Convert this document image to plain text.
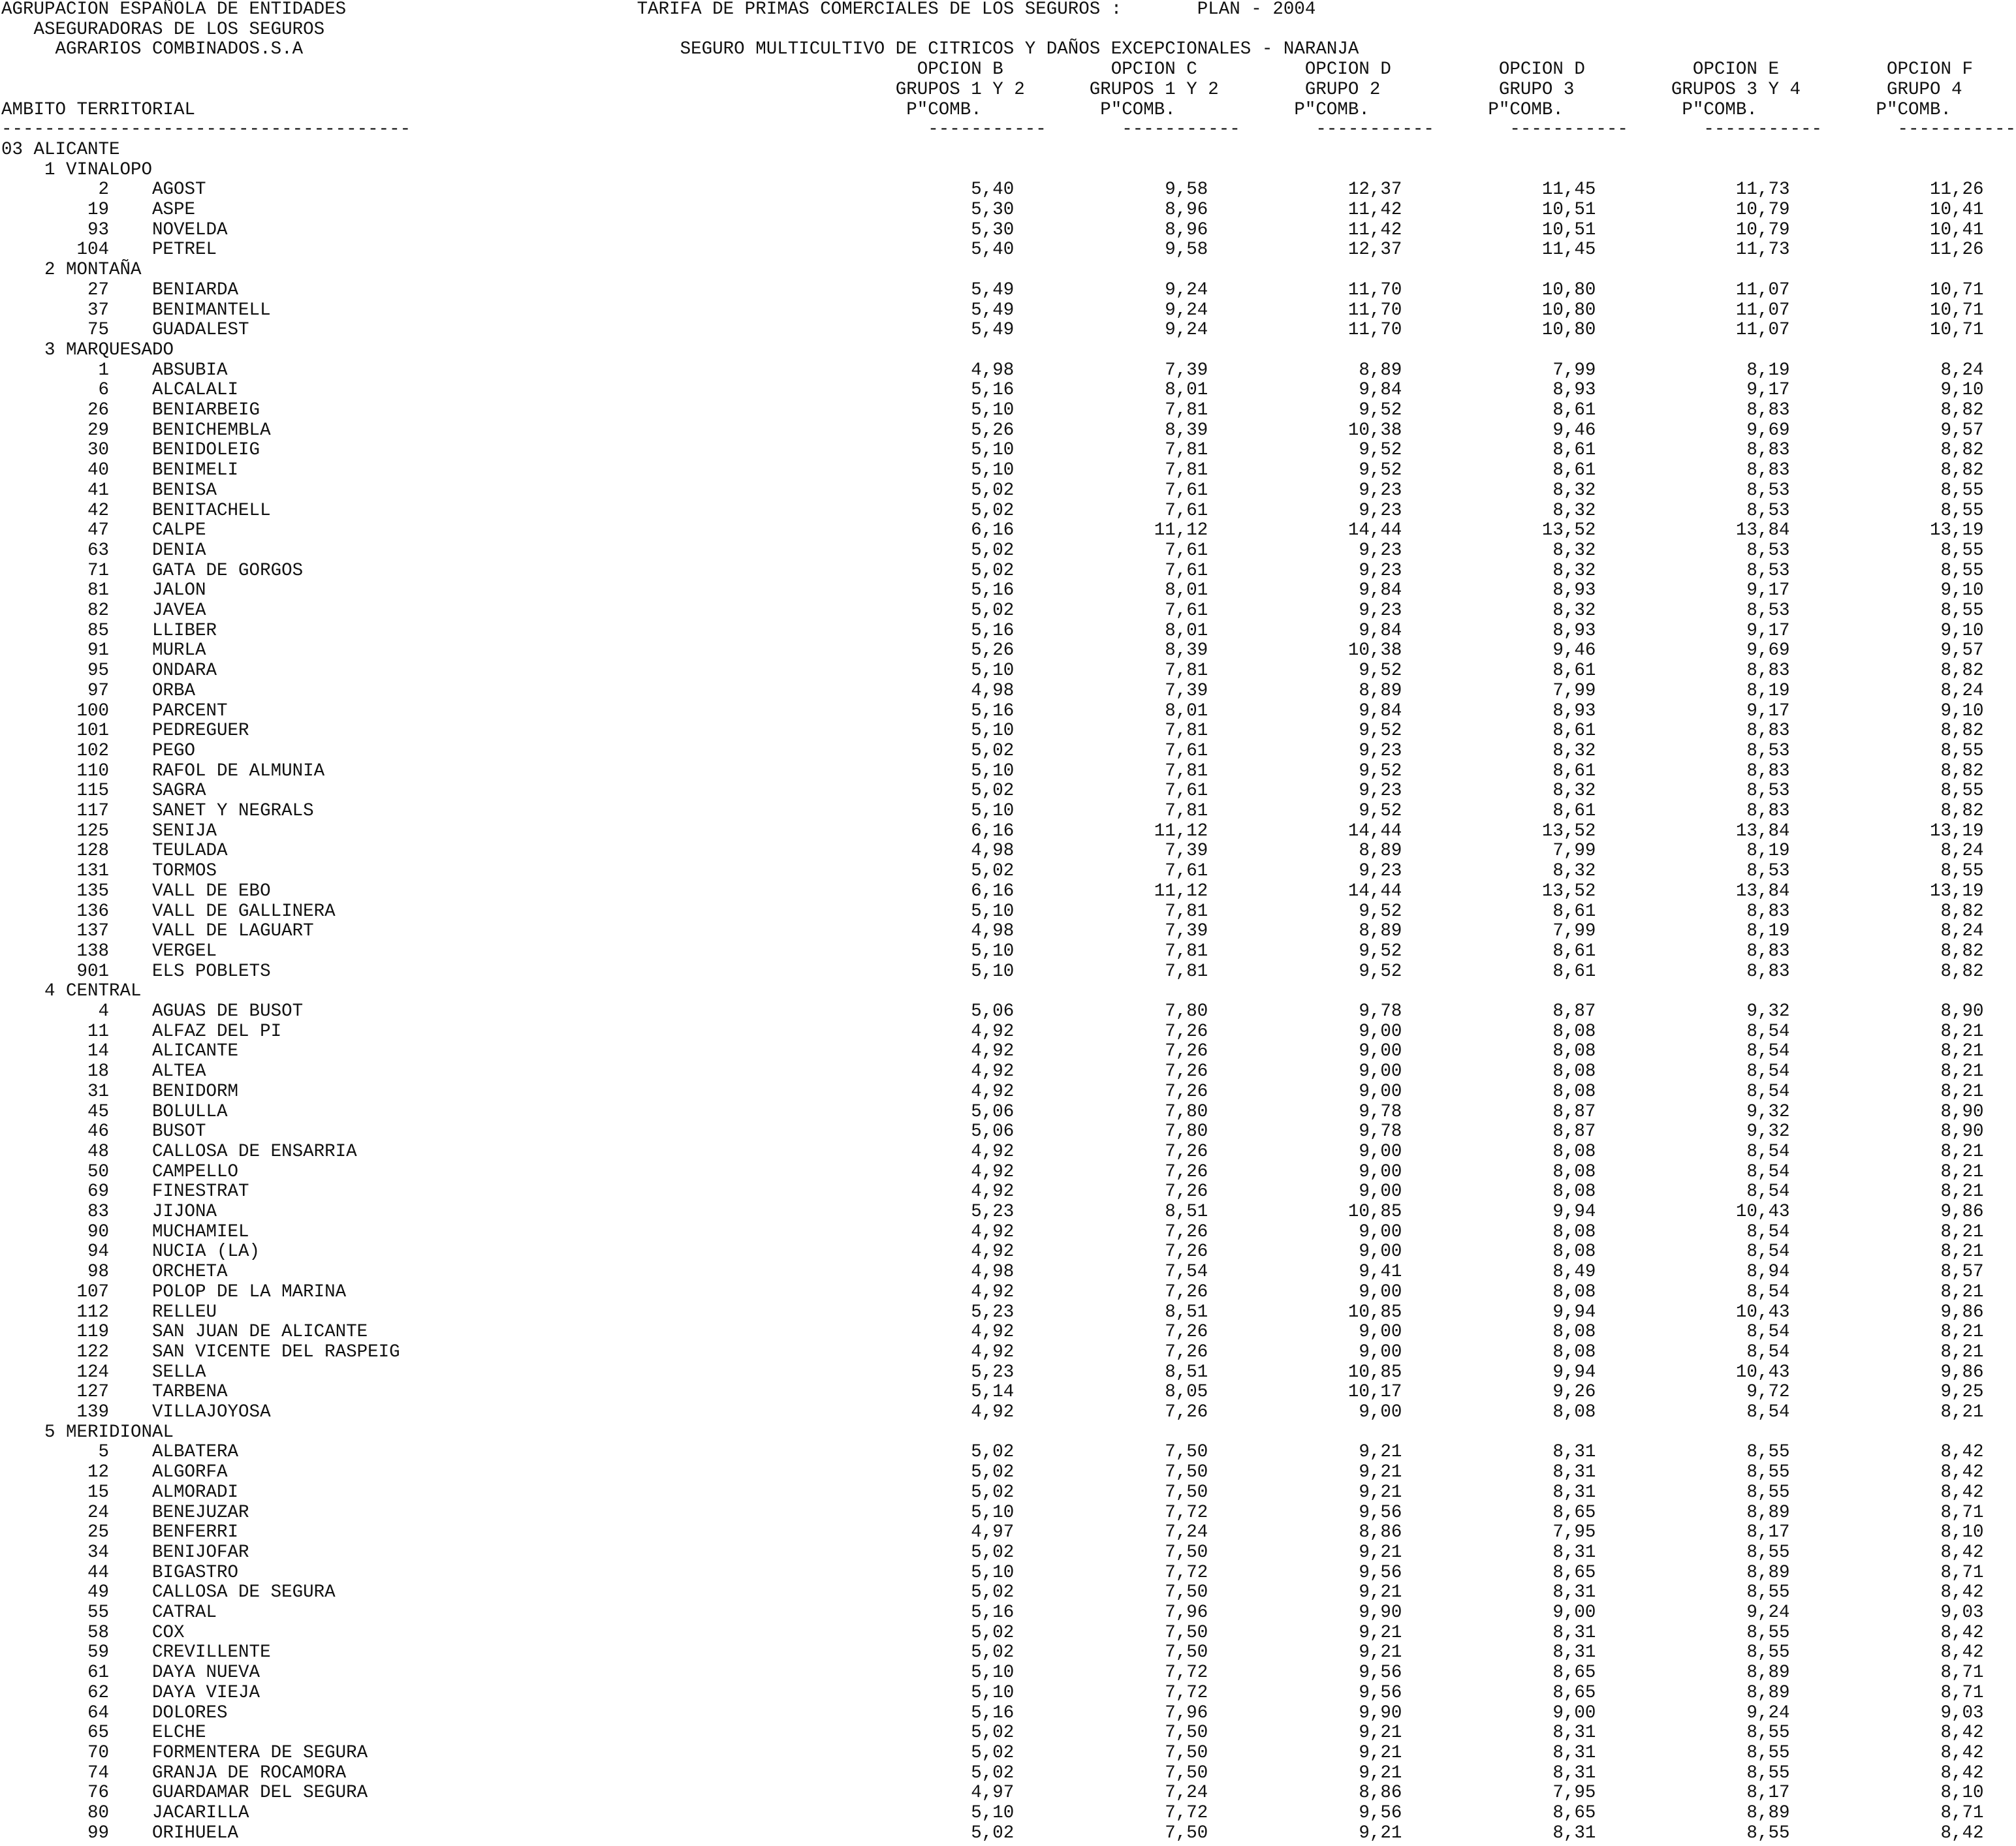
AGRUPACION ESPAÑOLA DE ENTIDADES                           TARIFA DE PRIMAS COMERCIALES DE LOS SEGUROS :       PLAN - 2004
ASEGURADORAS DE LOS SEGUROS
AGRARIOS COMBINADOS.S.A                                   SEGURO MULTICULTIVO DE CITRICOS Y DAÑOS EXCEPCIONALES - NARANJA
OPCION B          OPCION C          OPCION D          OPCION D          OPCION E          OPCION F
GRUPOS 1 Y 2      GRUPOS 1 Y 2        GRUPO 2           GRUPO 3         GRUPOS 3 Y 4        GRUPO 4
AMBITO TERRITORIAL                                                                  P"COMB.           P"COMB.           P"COMB.           P"COMB.           P"COMB.           P"COMB.
--------------------------------------                                                -----------       -----------       -----------       -----------       -----------       -----------
03 ALICANTE
1 VINALOPO
2    AGOST                                                                       5,40              9,58             12,37             11,45             11,73             11,26
19    ASPE                                                                        5,30              8,96             11,42             10,51             10,79             10,41
93    NOVELDA                                                                     5,30              8,96             11,42             10,51             10,79             10,41
104    PETREL                                                                      5,40              9,58             12,37             11,45             11,73             11,26
2 MONTAÑA
27    BENIARDA                                                                    5,49              9,24             11,70             10,80             11,07             10,71
37    BENIMANTELL                                                                 5,49              9,24             11,70             10,80             11,07             10,71
75    GUADALEST                                                                   5,49              9,24             11,70             10,80             11,07             10,71
3 MARQUESADO
1    ABSUBIA                                                                     4,98              7,39              8,89              7,99              8,19              8,24
6    ALCALALI                                                                    5,16              8,01              9,84              8,93              9,17              9,10
26    BENIARBEIG                                                                  5,10              7,81              9,52              8,61              8,83              8,82
29    BENICHEMBLA                                                                 5,26              8,39             10,38              9,46              9,69              9,57
30    BENIDOLEIG                                                                  5,10              7,81              9,52              8,61              8,83              8,82
40    BENIMELI                                                                    5,10              7,81              9,52              8,61              8,83              8,82
41    BENISA                                                                      5,02              7,61              9,23              8,32              8,53              8,55
42    BENITACHELL                                                                 5,02              7,61              9,23              8,32              8,53              8,55
47    CALPE                                                                       6,16             11,12             14,44             13,52             13,84             13,19
63    DENIA                                                                       5,02              7,61              9,23              8,32              8,53              8,55
71    GATA DE GORGOS                                                              5,02              7,61              9,23              8,32              8,53              8,55
81    JALON                                                                       5,16              8,01              9,84              8,93              9,17              9,10
82    JAVEA                                                                       5,02              7,61              9,23              8,32              8,53              8,55
85    LLIBER                                                                      5,16              8,01              9,84              8,93              9,17              9,10
91    MURLA                                                                       5,26              8,39             10,38              9,46              9,69              9,57
95    ONDARA                                                                      5,10              7,81              9,52              8,61              8,83              8,82
97    ORBA                                                                        4,98              7,39              8,89              7,99              8,19              8,24
100    PARCENT                                                                     5,16              8,01              9,84              8,93              9,17              9,10
101    PEDREGUER                                                                   5,10              7,81              9,52              8,61              8,83              8,82
102    PEGO                                                                        5,02              7,61              9,23              8,32              8,53              8,55
110    RAFOL DE ALMUNIA                                                            5,10              7,81              9,52              8,61              8,83              8,82
115    SAGRA                                                                       5,02              7,61              9,23              8,32              8,53              8,55
117    SANET Y NEGRALS                                                             5,10              7,81              9,52              8,61              8,83              8,82
125    SENIJA                                                                      6,16             11,12             14,44             13,52             13,84             13,19
128    TEULADA                                                                     4,98              7,39              8,89              7,99              8,19              8,24
131    TORMOS                                                                      5,02              7,61              9,23              8,32              8,53              8,55
135    VALL DE EBO                                                                 6,16             11,12             14,44             13,52             13,84             13,19
136    VALL DE GALLINERA                                                           5,10              7,81              9,52              8,61              8,83              8,82
137    VALL DE LAGUART                                                             4,98              7,39              8,89              7,99              8,19              8,24
138    VERGEL                                                                      5,10              7,81              9,52              8,61              8,83              8,82
901    ELS POBLETS                                                                 5,10              7,81              9,52              8,61              8,83              8,82
4 CENTRAL
4    AGUAS DE BUSOT                                                              5,06              7,80              9,78              8,87              9,32              8,90
11    ALFAZ DEL PI                                                                4,92              7,26              9,00              8,08              8,54              8,21
14    ALICANTE                                                                    4,92              7,26              9,00              8,08              8,54              8,21
18    ALTEA                                                                       4,92              7,26              9,00              8,08              8,54              8,21
31    BENIDORM                                                                    4,92              7,26              9,00              8,08              8,54              8,21
45    BOLULLA                                                                     5,06              7,80              9,78              8,87              9,32              8,90
46    BUSOT                                                                       5,06              7,80              9,78              8,87              9,32              8,90
48    CALLOSA DE ENSARRIA                                                         4,92              7,26              9,00              8,08              8,54              8,21
50    CAMPELLO                                                                    4,92              7,26              9,00              8,08              8,54              8,21
69    FINESTRAT                                                                   4,92              7,26              9,00              8,08              8,54              8,21
83    JIJONA                                                                      5,23              8,51             10,85              9,94             10,43              9,86
90    MUCHAMIEL                                                                   4,92              7,26              9,00              8,08              8,54              8,21
94    NUCIA (LA)                                                                  4,92              7,26              9,00              8,08              8,54              8,21
98    ORCHETA                                                                     4,98              7,54              9,41              8,49              8,94              8,57
107    POLOP DE LA MARINA                                                          4,92              7,26              9,00              8,08              8,54              8,21
112    RELLEU                                                                      5,23              8,51             10,85              9,94             10,43              9,86
119    SAN JUAN DE ALICANTE                                                        4,92              7,26              9,00              8,08              8,54              8,21
122    SAN VICENTE DEL RASPEIG                                                     4,92              7,26              9,00              8,08              8,54              8,21
124    SELLA                                                                       5,23              8,51             10,85              9,94             10,43              9,86
127    TARBENA                                                                     5,14              8,05             10,17              9,26              9,72              9,25
139    VILLAJOYOSA                                                                 4,92              7,26              9,00              8,08              8,54              8,21
5 MERIDIONAL
5    ALBATERA                                                                    5,02              7,50              9,21              8,31              8,55              8,42
12    ALGORFA                                                                     5,02              7,50              9,21              8,31              8,55              8,42
15    ALMORADI                                                                    5,02              7,50              9,21              8,31              8,55              8,42
24    BENEJUZAR                                                                   5,10              7,72              9,56              8,65              8,89              8,71
25    BENFERRI                                                                    4,97              7,24              8,86              7,95              8,17              8,10
34    BENIJOFAR                                                                   5,02              7,50              9,21              8,31              8,55              8,42
44    BIGASTRO                                                                    5,10              7,72              9,56              8,65              8,89              8,71
49    CALLOSA DE SEGURA                                                           5,02              7,50              9,21              8,31              8,55              8,42
55    CATRAL                                                                      5,16              7,96              9,90              9,00              9,24              9,03
58    COX                                                                         5,02              7,50              9,21              8,31              8,55              8,42
59    CREVILLENTE                                                                 5,02              7,50              9,21              8,31              8,55              8,42
61    DAYA NUEVA                                                                  5,10              7,72              9,56              8,65              8,89              8,71
62    DAYA VIEJA                                                                  5,10              7,72              9,56              8,65              8,89              8,71
64    DOLORES                                                                     5,16              7,96              9,90              9,00              9,24              9,03
65    ELCHE                                                                       5,02              7,50              9,21              8,31              8,55              8,42
70    FORMENTERA DE SEGURA                                                        5,02              7,50              9,21              8,31              8,55              8,42
74    GRANJA DE ROCAMORA                                                          5,02              7,50              9,21              8,31              8,55              8,42
76    GUARDAMAR DEL SEGURA                                                        4,97              7,24              8,86              7,95              8,17              8,10
80    JACARILLA                                                                   5,10              7,72              9,56              8,65              8,89              8,71
99    ORIHUELA                                                                    5,02              7,50              9,21              8,31              8,55              8,42
